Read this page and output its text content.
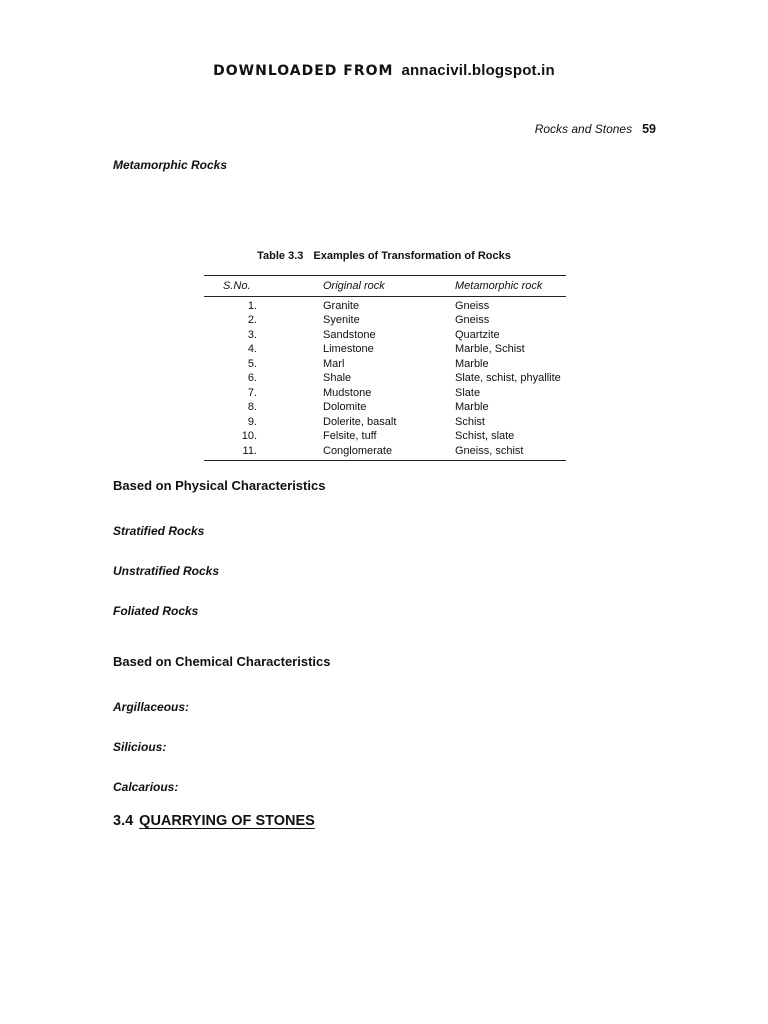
DOWNLOADED FROM annacivil.blogspot.in
Rocks and Stones 59
Metamorphic Rocks
Table 3.3 Examples of Transformation of Rocks
S.No.		Original rock	Metamorphic rock
1.		Granite	Gneiss
2.		Syenite	Gneiss
3.		Sandstone	Quartzite
4.		Limestone	Marble, Schist
5.		Marl	Marble
6.		Shale	Slate, schist, phyallite
7.		Mudstone	Slate
8.		Dolomite	Marble
9.		Dolerite, basalt	Schist
10.		Felsite, tuff	Schist, slate
11.		Conglomerate	Gneiss, schist
Based on Physical Characteristics
Stratified Rocks
Unstratified Rocks
Foliated Rocks
Based on Chemical Characteristics
Argillaceous:
Silicious:
Calcarious:
3.4 QUARRYING OF STONES
